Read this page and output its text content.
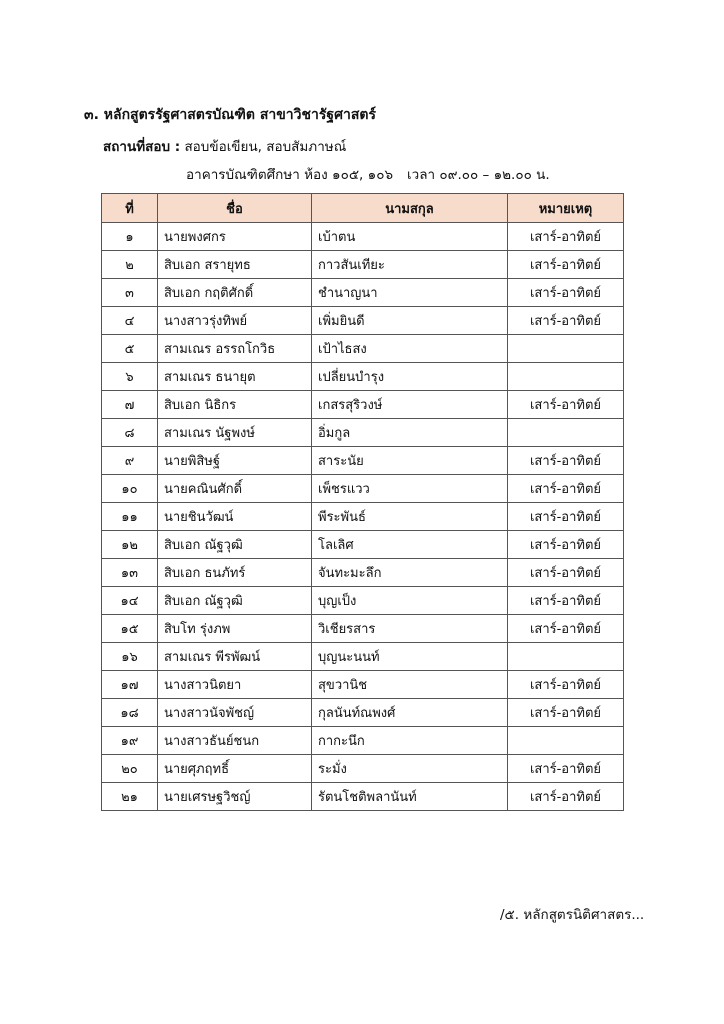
๓. หลักสูตรรัฐศาสตรบัณฑิต สาขาวิชารัฐศาสตร์
สถานที่สอบ : สอบข้อเขียน, สอบสัมภาษณ์
อาคารบัณฑิตศึกษา ห้อง ๑๐๕, ๑๐๖ เวลา ๐๙.๐๐ – ๑๒.๐๐ น.
ที่	ชื่อ	นามสกุล	หมายเหตุ
๑	นายพงศกร	เบ้าตน	เสาร์-อาทิตย์
๒	สิบเอก สรายุทธ	กาวสันเทียะ	เสาร์-อาทิตย์
๓	สิบเอก กฤติศักดิ์	ชำนาญนา	เสาร์-อาทิตย์
๔	นางสาวรุ่งทิพย์	เพิ่มยินดี	เสาร์-อาทิตย์
๕	สามเณร อรรถโกวิธ	เป้าไธสง	
๖	สามเณร ธนายุต	เปลี่ยนบำรุง	
๗	สิบเอก นิธิกร	เกสรสุริวงษ์	เสาร์-อาทิตย์
๘	สามเณร นัฐพงษ์	อิ่มกูล	
๙	นายพิสิษฐ์	สาระนัย	เสาร์-อาทิตย์
๑๐	นายคณินศักดิ์	เพ็ชรแวว	เสาร์-อาทิตย์
๑๑	นายชินวัฒน์	พีระพันธ์	เสาร์-อาทิตย์
๑๒	สิบเอก ณัฐวุฒิ	โลเลิศ	เสาร์-อาทิตย์
๑๓	สิบเอก ธนภัทร์	จันทะมะลึก	เสาร์-อาทิตย์
๑๔	สิบเอก ณัฐวุฒิ	บุญเป็ง	เสาร์-อาทิตย์
๑๕	สิบโท รุ่งภพ	วิเชียรสาร	เสาร์-อาทิตย์
๑๖	สามเณร พีรพัฒน์	บุญนะนนท์	
๑๗	นางสาวนิตยา	สุขวานิช	เสาร์-อาทิตย์
๑๘	นางสาวนัจพัชญ์	กุลนันท์ณพงศ์	เสาร์-อาทิตย์
๑๙	นางสาวธันย์ชนก	กากะนึก	
๒๐	นายศุภฤทธิ์	ระมั่ง	เสาร์-อาทิตย์
๒๑	นายเศรษฐวิชญ์	รัตนโชติพลานันท์	เสาร์-อาทิตย์
/๕. หลักสูตรนิติศาสตร...
